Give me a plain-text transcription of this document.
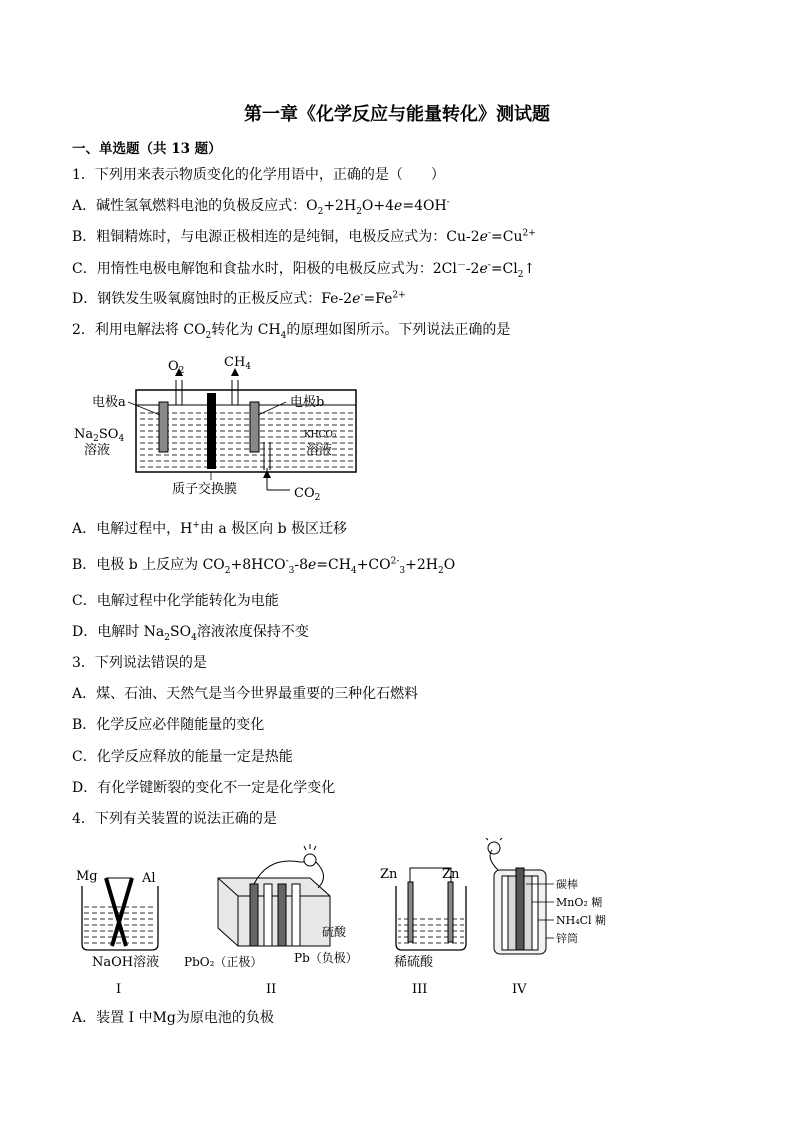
第一章《化学反应与能量转化》测试题
一、单选题（共 13 题）
1．下列用来表示物质变化的化学用语中，正确的是（　　）
A．碱性氢氧燃料电池的负极反应式：$O_2+2H_2O+4e=4OH^-$
B．粗铜精炼时，与电源正极相连的是纯铜，电极反应式为：$Cu-2e^-=Cu^{2+}$
C．用惰性电极电解饱和食盐水时，阳极的电极反应式为：$2Cl^--2e^-=Cl_2↑$
D．钢铁发生吸氧腐蚀时的正极反应式：$Fe-2e^-=Fe^{2+}$
2．利用电解法将 $CO_2$转化为 $CH_4$的原理如图所示。下列说法正确的是
$O_2$
$CH_4$
电极a	电极b
$Na_2SO_4$
溶液
KHCO₃
溶液
质子交换膜	$CO_2$
A．电解过程中，H+由 a 极区向 b 极区迁移
B．电极 b 上反应为 $CO_2+8HCO^-_3-8e=CH_4+CO^{2-}_3+2H_2O$
C．电解过程中化学能转化为电能
D．电解时 $Na_2SO_4$溶液浓度保持不变
3．下列说法错误的是
A．煤、石油、天然气是当今世界最重要的三种化石燃料
B．化学反应必伴随能量的变化
C．化学反应释放的能量一定是热能
D．有化学键断裂的变化不一定是化学变化
4．下列有关装置的说法正确的是
Mg	Al
NaOH溶液
I
硫酸
PbO₂（正极）	Pb（负极）
II
Zn	Zn
稀硫酸
III
碳棒
MnO₂ 糊
NH₄Cl 糊
锌筒
IV
A．装置 I 中Mg为原电池的负极
